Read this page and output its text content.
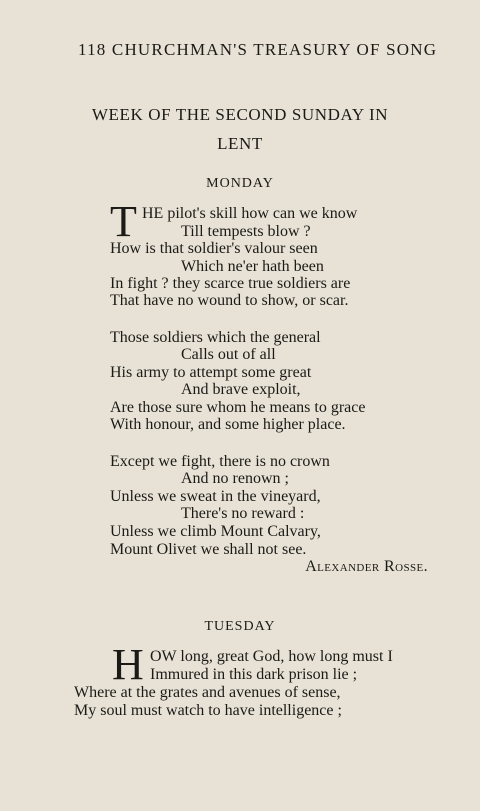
118 CHURCHMAN'S TREASURY OF SONG
WEEK OF THE SECOND SUNDAY IN
LENT
MONDAY
T HE pilot's skill how can we know
Till tempests blow ?
How is that soldier's valour seen
Which ne'er hath been
In fight ? they scarce true soldiers are
That have no wound to show, or scar.
Those soldiers which the general
Calls out of all
His army to attempt some great
And brave exploit,
Are those sure whom he means to grace
With honour, and some higher place.
Except we fight, there is no crown
And no renown ;
Unless we sweat in the vineyard,
There's no reward :
Unless we climb Mount Calvary,
Mount Olivet we shall not see.
Alexander Rosse.
TUESDAY
H OW long, great God, how long must I
Immured in this dark prison lie ;
Where at the grates and avenues of sense,
My soul must watch to have intelligence ;
